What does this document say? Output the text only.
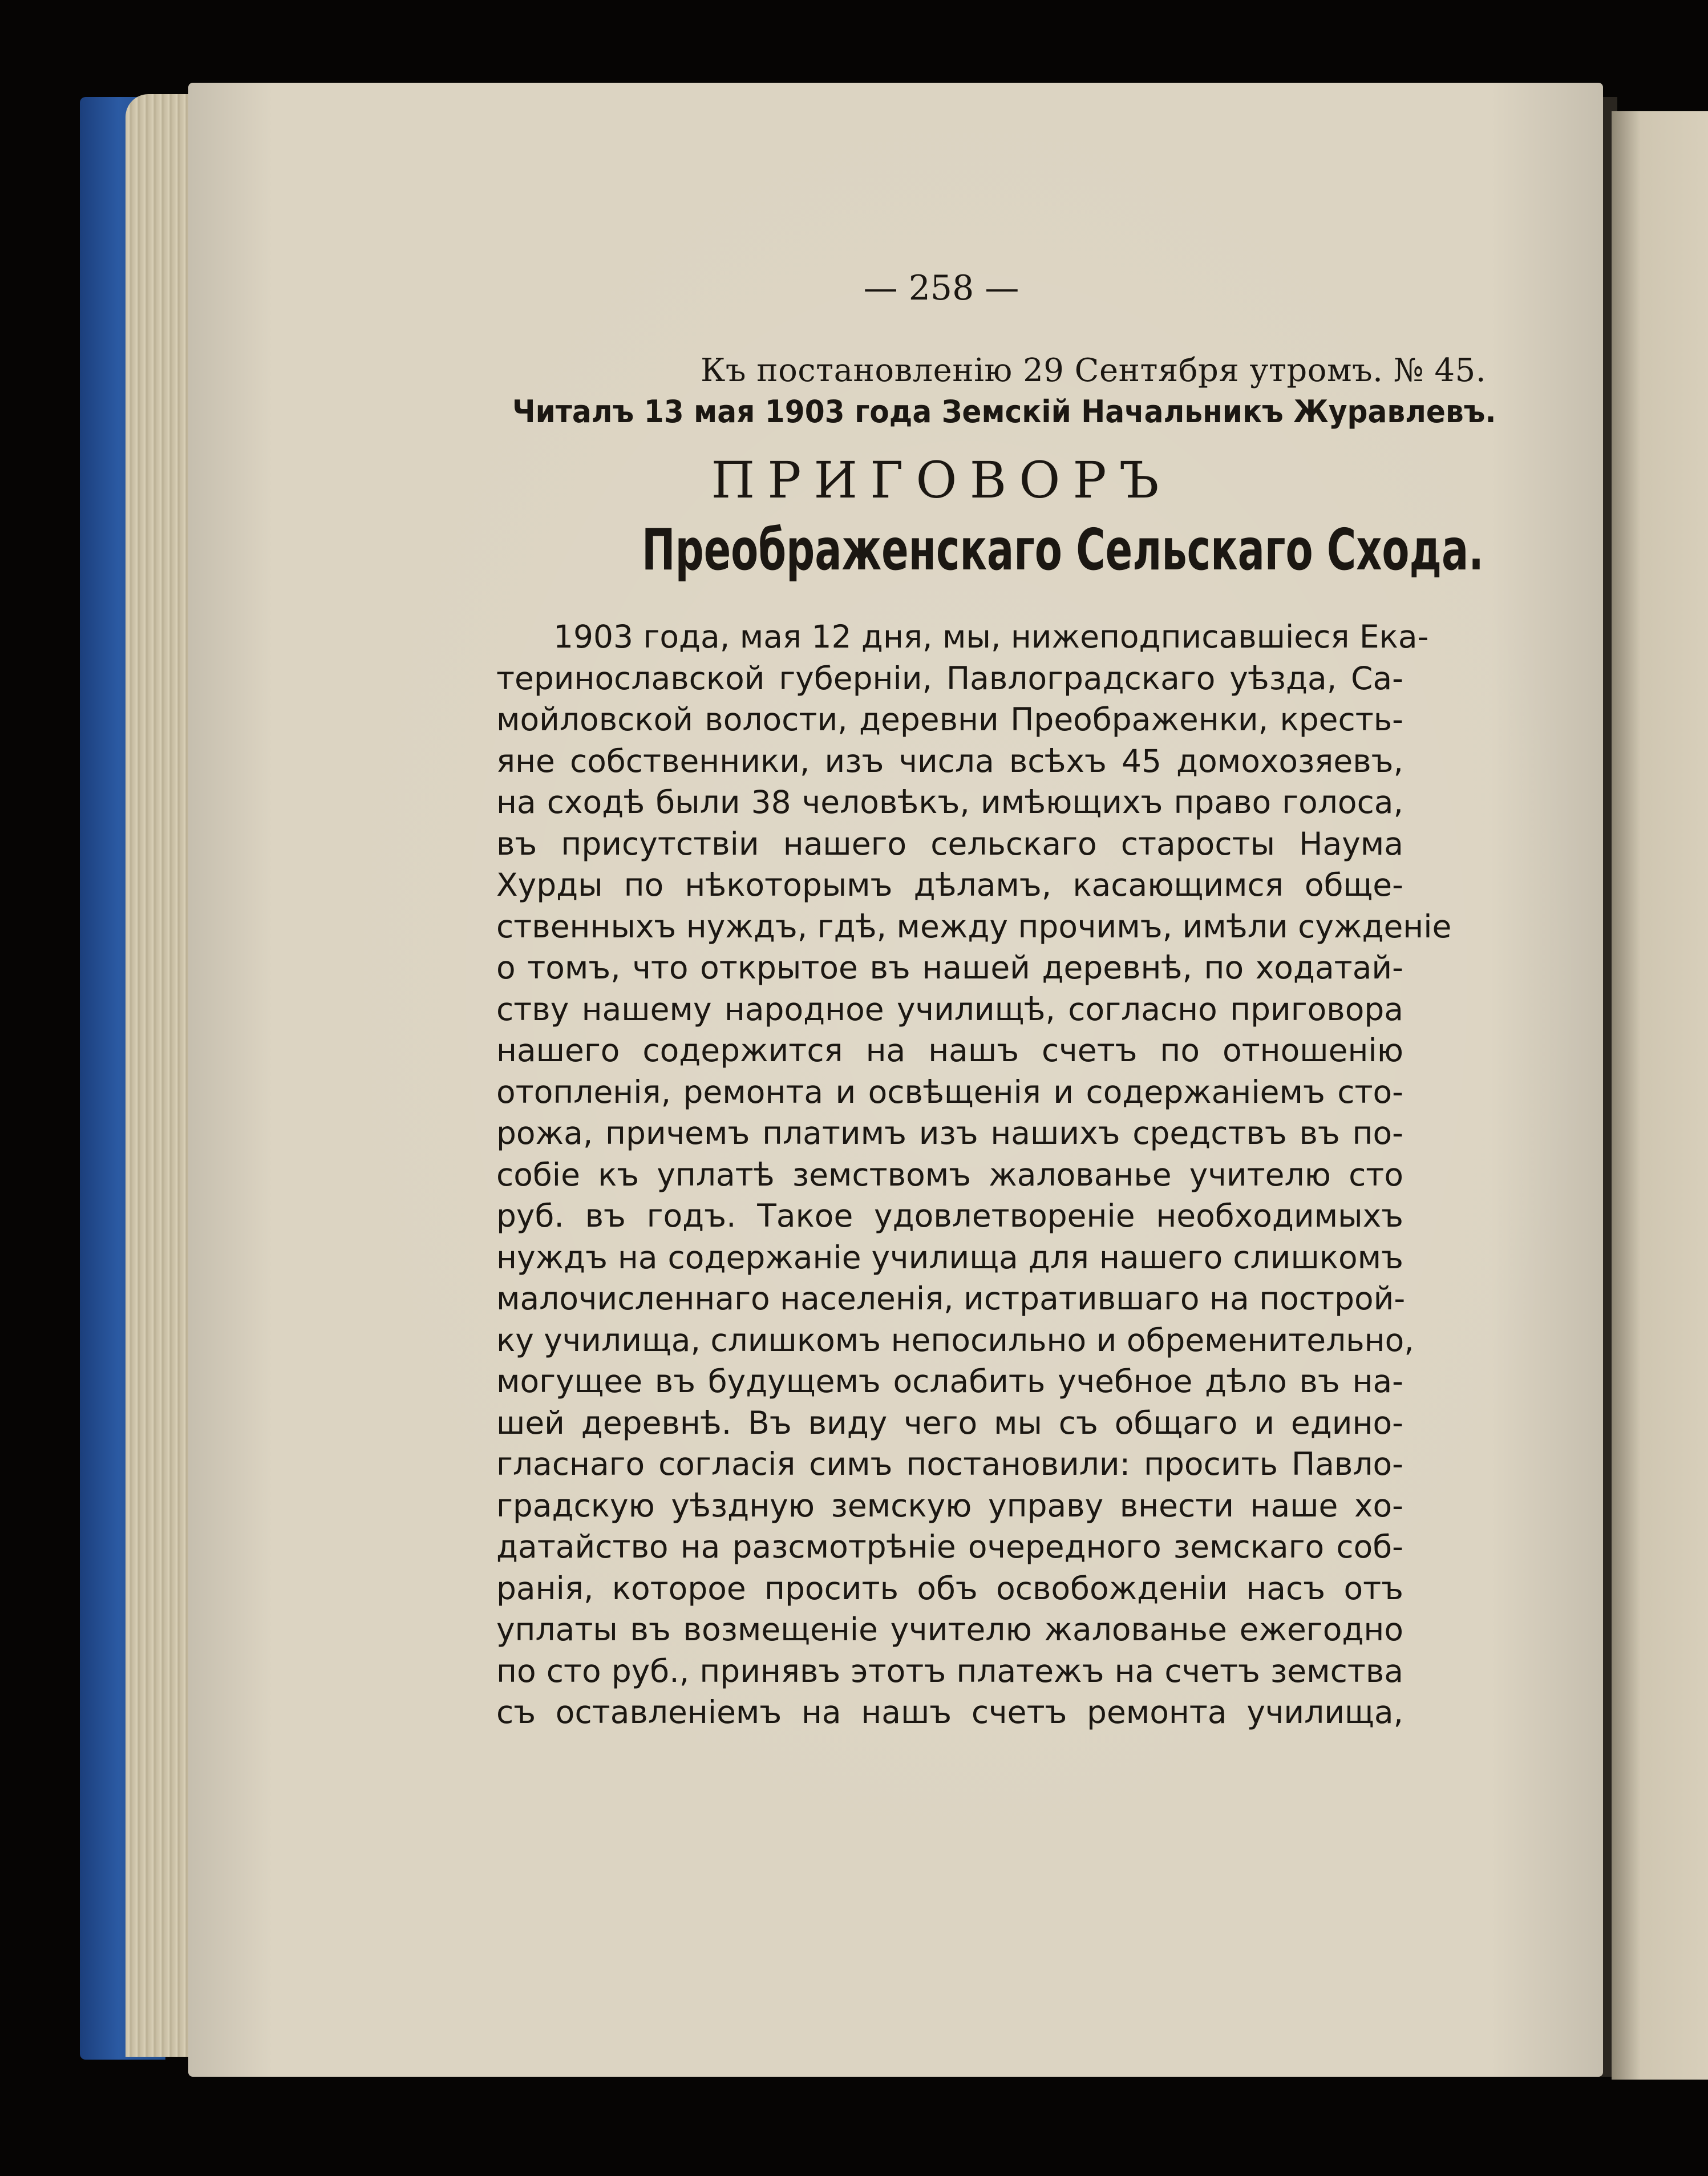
— 258 —
Къ постановленію 29 Сентября утромъ. № 45.
Читалъ 13 мая 1903 года Земскій Начальникъ Журавлевъ.
ПРИГОВОРЪ
Преображенскаго Сельскаго Схода.
1903 года, мая 12 дня, мы, нижеподписавшіеся Ека-
теринославской губерніи, Павлоградскаго уѣзда, Са-
мойловской волости, деревни Преображенки, кресть-
яне собственники, изъ числа всѣхъ 45 домохозяевъ,
на сходѣ были 38 человѣкъ, имѣющихъ право голоса,
въ присутствіи нашего сельскаго старосты Наума
Хурды по нѣкоторымъ дѣламъ, касающимся обще-
ственныхъ нуждъ, гдѣ, между прочимъ, имѣли сужденіе
о томъ, что открытое въ нашей деревнѣ, по ходатай-
ству нашему народное училищѣ, согласно приговора
нашего содержится на нашъ счетъ по отношенію
отопленія, ремонта и освѣщенія и содержаніемъ сто-
рожа, причемъ платимъ изъ нашихъ средствъ въ по-
собіе къ уплатѣ земствомъ жалованье учителю сто
руб. въ годъ. Такое удовлетвореніе необходимыхъ
нуждъ на содержаніе училища для нашего слишкомъ
малочисленнаго населенія, истратившаго на построй-
ку училища, слишкомъ непосильно и обременительно,
могущее въ будущемъ ослабить учебное дѣло въ на-
шей деревнѣ. Въ виду чего мы съ общаго и едино-
гласнаго согласія симъ постановили: просить Павло-
градскую уѣздную земскую управу внести наше хо-
датайство на разсмотрѣніе очередного земскаго соб-
ранія, которое просить объ освобожденіи насъ отъ
уплаты въ возмещеніе учителю жалованье ежегодно
по сто руб., принявъ этотъ платежъ на счетъ земства
съ оставленіемъ на нашъ счетъ ремонта училища,
